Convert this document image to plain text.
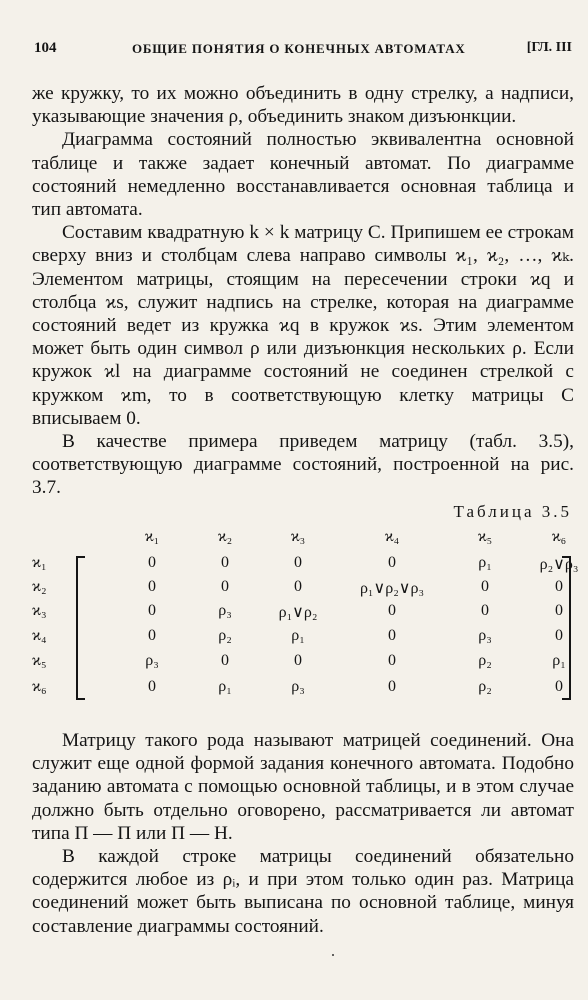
104	ОБЩИЕ ПОНЯТИЯ О КОНЕЧНЫХ АВТОМАТАХ	[ГЛ. III

же кружку, то их можно объединить в одну стрелку, а надписи, указывающие значения ρ, объединить знаком дизъюнкции.

Диаграмма состояний полностью эквивалентна основной таблице и также задает конечный автомат. По диаграмме состояний немедленно восстанавливается основная таблица и тип автомата.

Составим квадратную k × k матрицу C. Припишем ее строкам сверху вниз и столбцам слева направо символы ϰ₁, ϰ₂, …, ϰₖ. Элементом матрицы, стоящим на пересечении строки ϰq и столбца ϰs, служит надпись на стрелке, которая на диаграмме состояний ведет из кружка ϰq в кружок ϰs. Этим элементом может быть один символ ρ или дизъюнкция нескольких ρ. Если кружок ϰl на диаграмме состояний не соединен стрелкой с кружком ϰm, то в соответствующую клетку матрицы C вписываем 0.

В качестве примера приведем матрицу (табл. 3.5), соответствующую диаграмме состояний, построенной на рис. 3.7.

Таблица 3.5
ϰ₁	ϰ₂	ϰ₃	ϰ₄	ϰ₅	ϰ₆
ϰ₁	0	0	0	0	ρ₁	ρ₂∨ρ₃
ϰ₂	0	0	0	ρ₁∨ρ₂∨ρ₃	0	0
ϰ₃	0	ρ₃	ρ₁∨ρ₂	0	0	0
ϰ₄	0	ρ₂	ρ₁	0	ρ₃	0
ϰ₅	ρ₃	0	0	0	ρ₂	ρ₁
ϰ₆	0	ρ₁	ρ₃	0	ρ₂	0

Матрицу такого рода называют матрицей соединений. Она служит еще одной формой задания конечного автомата. Подобно заданию автомата с помощью основной таблицы, и в этом случае должно быть отдельно оговорено, рассматривается ли автомат типа П — П или П — Н.

В каждой строке матрицы соединений обязательно содержится любое из ρᵢ, и при этом только один раз. Матрица соединений может быть выписана по основной таблице, минуя составление диаграммы состояний.
